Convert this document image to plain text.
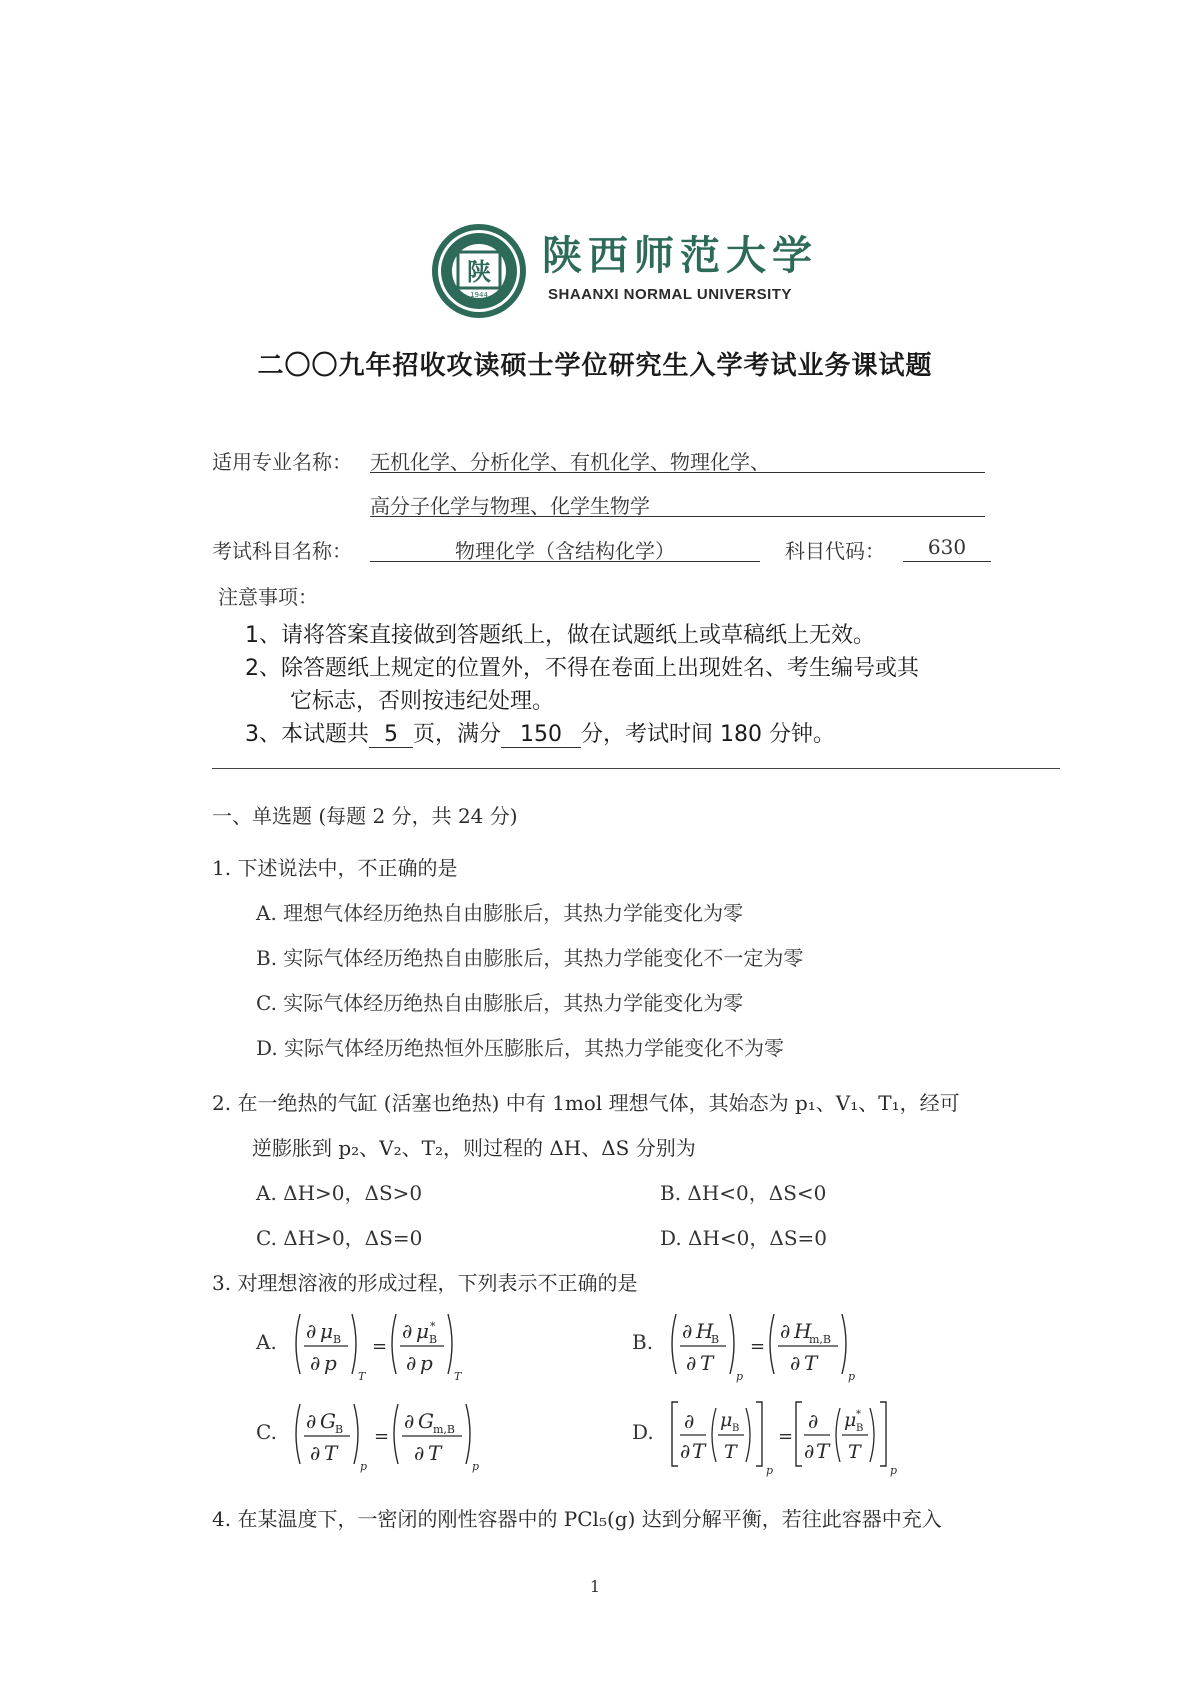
陕
1944
陕西师范大学
SHAANXI NORMAL UNIVERSITY
二〇〇九年招收攻读硕士学位研究生入学考试业务课试题
适用专业名称： 无机化学、分析化学、有机化学、物理化学、
高分子化学与物理、化学生物学
考试科目名称：	物理化学（含结构化学）	科目代码：	630
注意事项：
1、请将答案直接做到答题纸上，做在试题纸上或草稿纸上无效。
2、除答题纸上规定的位置外，不得在卷面上出现姓名、考生编号或其
它标志，否则按违纪处理。
3、本试题共 5 页，满分 150 分，考试时间 180 分钟。
一、单选题 (每题 2 分，共 24 分)
1. 下述说法中，不正确的是
A. 理想气体经历绝热自由膨胀后，其热力学能变化为零
B. 实际气体经历绝热自由膨胀后，其热力学能变化不一定为零
C. 实际气体经历绝热自由膨胀后，其热力学能变化为零
D. 实际气体经历绝热恒外压膨胀后，其热力学能变化不为零
2. 在一绝热的气缸 (活塞也绝热) 中有 1mol 理想气体，其始态为 p₁、V₁、T₁，经可
逆膨胀到 p₂、V₂、T₂，则过程的 ΔH、ΔS 分别为
A. ΔH>0，ΔS>0	B. ΔH<0，ΔS<0
C. ΔH>0，ΔS=0	D. ΔH<0，ΔS=0
3. 对理想溶液的形成过程，下列表示不正确的是
A. ∂ μ B
∂ p
T
=
∂ μ *
B
∂ p
T
B. ∂ H
B
∂ T
p
=
∂ H
m,B
∂ T
p
C. ∂ G B
∂ T
p
=
∂ G m,B
∂ T
p
D. ∂
∂ T
μ B
T
p
=
∂
∂ T
μ *
B
T
p
4. 在某温度下，一密闭的刚性容器中的 PCl₅(g) 达到分解平衡，若往此容器中充入
1
